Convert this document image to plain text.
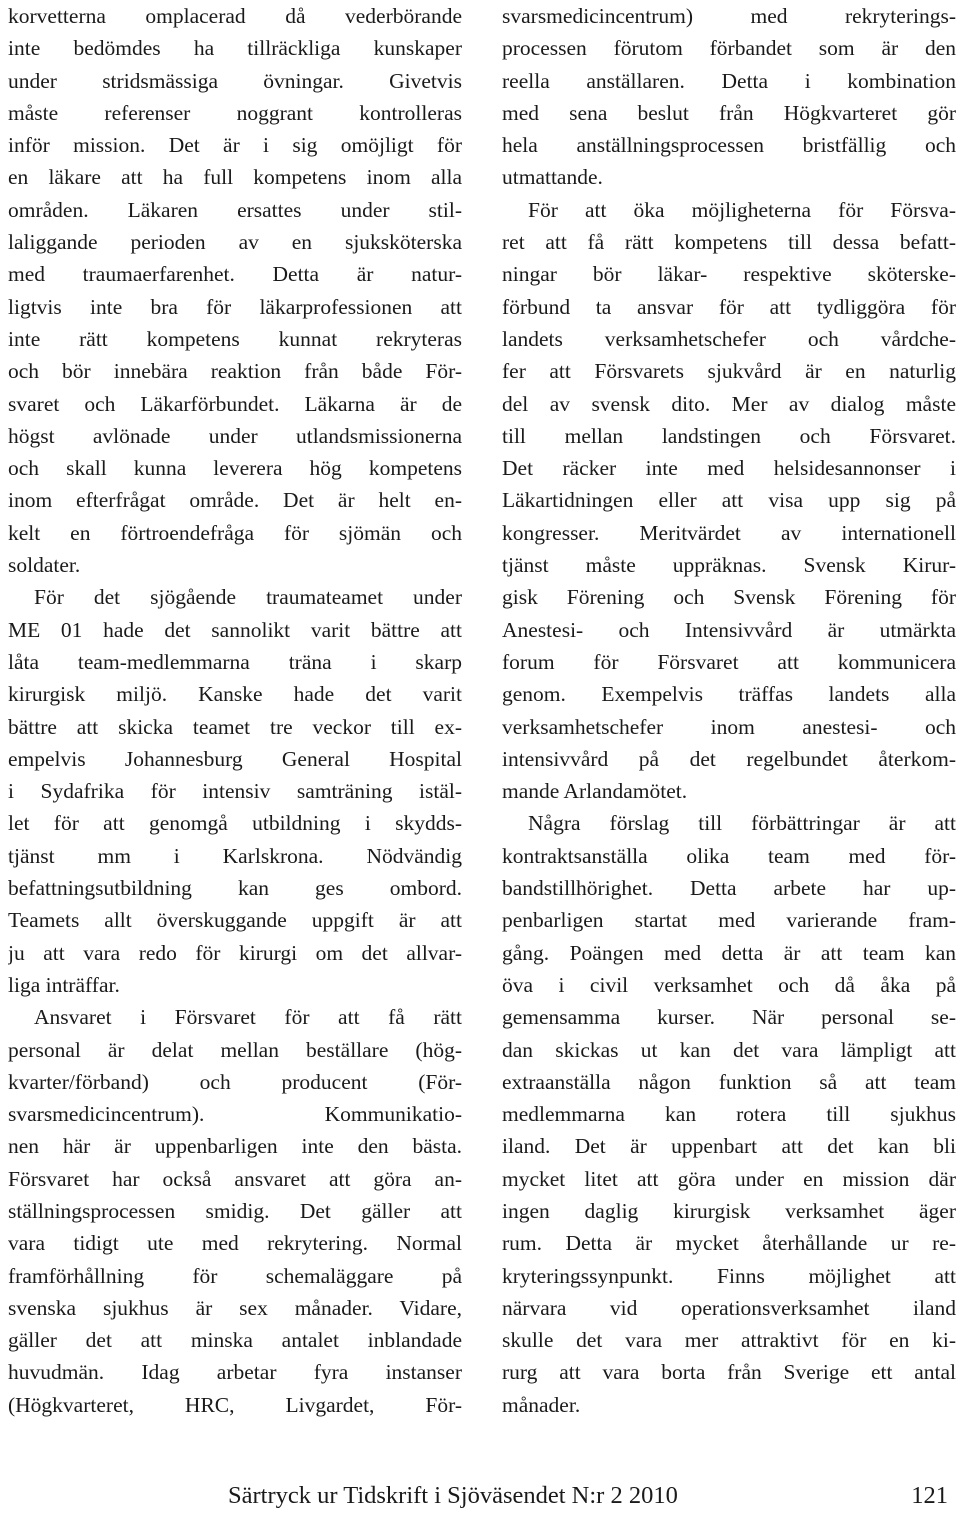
korvetterna omplacerad då vederbörande
inte bedömdes ha tillräckliga kunskaper
under stridsmässiga övningar. Givetvis
måste referenser noggrant kontrolleras
inför mission. Det är i sig omöjligt för
en läkare att ha full kompetens inom alla
områden. Läkaren ersattes under stil-
laliggande perioden av en sjuksköterska
med traumaerfarenhet. Detta är natur-
ligtvis inte bra för läkarprofessionen att
inte rätt kompetens kunnat rekryteras
och bör innebära reaktion från både För-
svaret och Läkarförbundet. Läkarna är de
högst avlönade under utlandsmissionerna
och skall kunna leverera hög kompetens
inom efterfrågat område. Det är helt en-
kelt en förtroendefråga för sjömän och
soldater.
För det sjögående traumateamet under
ME 01 hade det sannolikt varit bättre att
låta team-medlemmarna träna i skarp
kirurgisk miljö. Kanske hade det varit
bättre att skicka teamet tre veckor till ex-
empelvis Johannesburg General Hospital
i Sydafrika för intensiv samträning istäl-
let för att genomgå utbildning i skydds-
tjänst mm i Karlskrona. Nödvändig
befattningsutbildning kan ges ombord.
Teamets allt överskuggande uppgift är att
ju att vara redo för kirurgi om det allvar-
liga inträffar.
Ansvaret i Försvaret för att få rätt
personal är delat mellan beställare (hög-
kvarter/förband) och producent (För-
svarsmedicincentrum). Kommunikatio-
nen här är uppenbarligen inte den bästa.
Försvaret har också ansvaret att göra an-
ställningsprocessen smidig. Det gäller att
vara tidigt ute med rekrytering. Normal
framförhållning för schemaläggare på
svenska sjukhus är sex månader. Vidare,
gäller det att minska antalet inblandade
huvudmän. Idag arbetar fyra instanser
(Högkvarteret, HRC, Livgardet, För-
svarsmedicincentrum) med rekryterings-
processen förutom förbandet som är den
reella anställaren. Detta i kombination
med sena beslut från Högkvarteret gör
hela anställningsprocessen bristfällig och
utmattande.
För att öka möjligheterna för Försva-
ret att få rätt kompetens till dessa befatt-
ningar bör läkar- respektive sköterske-
förbund ta ansvar för att tydliggöra för
landets verksamhetschefer och vårdche-
fer att Försvarets sjukvård är en naturlig
del av svensk dito. Mer av dialog måste
till mellan landstingen och Försvaret.
Det räcker inte med helsidesannonser i
Läkartidningen eller att visa upp sig på
kongresser. Meritvärdet av internationell
tjänst måste uppräknas. Svensk Kirur-
gisk Förening och Svensk Förening för
Anestesi- och Intensivvård är utmärkta
forum för Försvaret att kommunicera
genom. Exempelvis träffas landets alla
verksamhetschefer inom anestesi- och
intensivvård på det regelbundet återkom-
mande Arlandamötet.
Några förslag till förbättringar är att
kontraktsanställa olika team med för-
bandstillhörighet. Detta arbete har up-
penbarligen startat med varierande fram-
gång. Poängen med detta är att team kan
öva i civil verksamhet och då åka på
gemensamma kurser. När personal se-
dan skickas ut kan det vara lämpligt att
extraanställa någon funktion så att team
medlemmarna kan rotera till sjukhus
iland. Det är uppenbart att det kan bli
mycket litet att göra under en mission där
ingen daglig kirurgisk verksamhet äger
rum. Detta är mycket återhållande ur re-
kryteringssynpunkt. Finns möjlighet att
närvara vid operationsverksamhet iland
skulle det vara mer attraktivt för en ki-
rurg att vara borta från Sverige ett antal
månader.
Särtryck ur Tidskrift i Sjöväsendet N:r 2 2010	121
